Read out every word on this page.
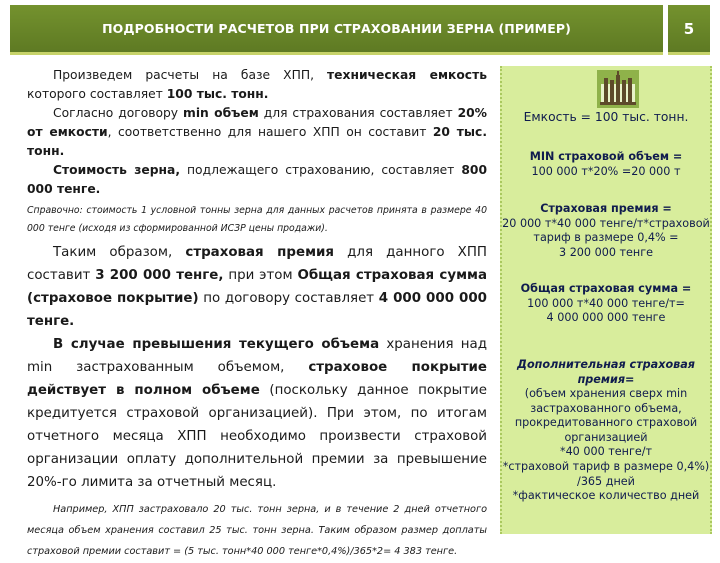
ПОДРОБНОСТИ РАСЧЕТОВ ПРИ СТРАХОВАНИИ ЗЕРНА (ПРИМЕР)	5

Произведем расчеты на базе ХПП, техническая емкость которого составляет 100 тыс. тонн.

Согласно договору min объем для страхования составляет 20% от емкости, соответственно для нашего ХПП он составит 20 тыс. тонн.

Стоимость зерна, подлежащего страхованию, составляет 800 000 тенге.

Справочно: стоимость 1 условной тонны зерна для данных расчетов принята в размере 40 000 тенге (исходя из сформированной ИСЗР цены продажи).

Таким образом, страховая премия для данного ХПП составит 3 200 000 тенге, при этом Общая страховая сумма (страховое покрытие) по договору составляет 4 000 000 000 тенге.

В случае превышения текущего объема хранения над min застрахованным объемом, страховое покрытие действует в полном объеме (поскольку данное покрытие кредитуется страховой организацией). При этом, по итогам отчетного месяца ХПП необходимо произвести страховой организации оплату дополнительной премии за превышение 20%-го лимита за отчетный месяц.

Например, ХПП застраховало 20 тыс. тонн зерна, и в течение 2 дней отчетного месяца объем хранения составил 25 тыс. тонн зерна. Таким образом размер доплаты страховой премии составит = (5 тыс. тонн*40 000 тенге*0,4%)/365*2= 4 383 тенге.

Емкость = 100 тыс. тонн.
MIN страховой объем =
100 000 т*20% =20 000 т
Страховая премия =
20 000 т*40 000 тенге/т*страховой
тариф в размере 0,4% =
3 200 000 тенге
Общая страховая сумма =
100 000 т*40 000 тенге/т=
4 000 000 000 тенге
Дополнительная страховая
премия=
(объем хранения сверх min
застрахованного объема,
прокредитованного страховой
организацией
*40 000 тенге/т
*страховой тариф в размере 0,4%)
/365 дней
*фактическое количество дней
